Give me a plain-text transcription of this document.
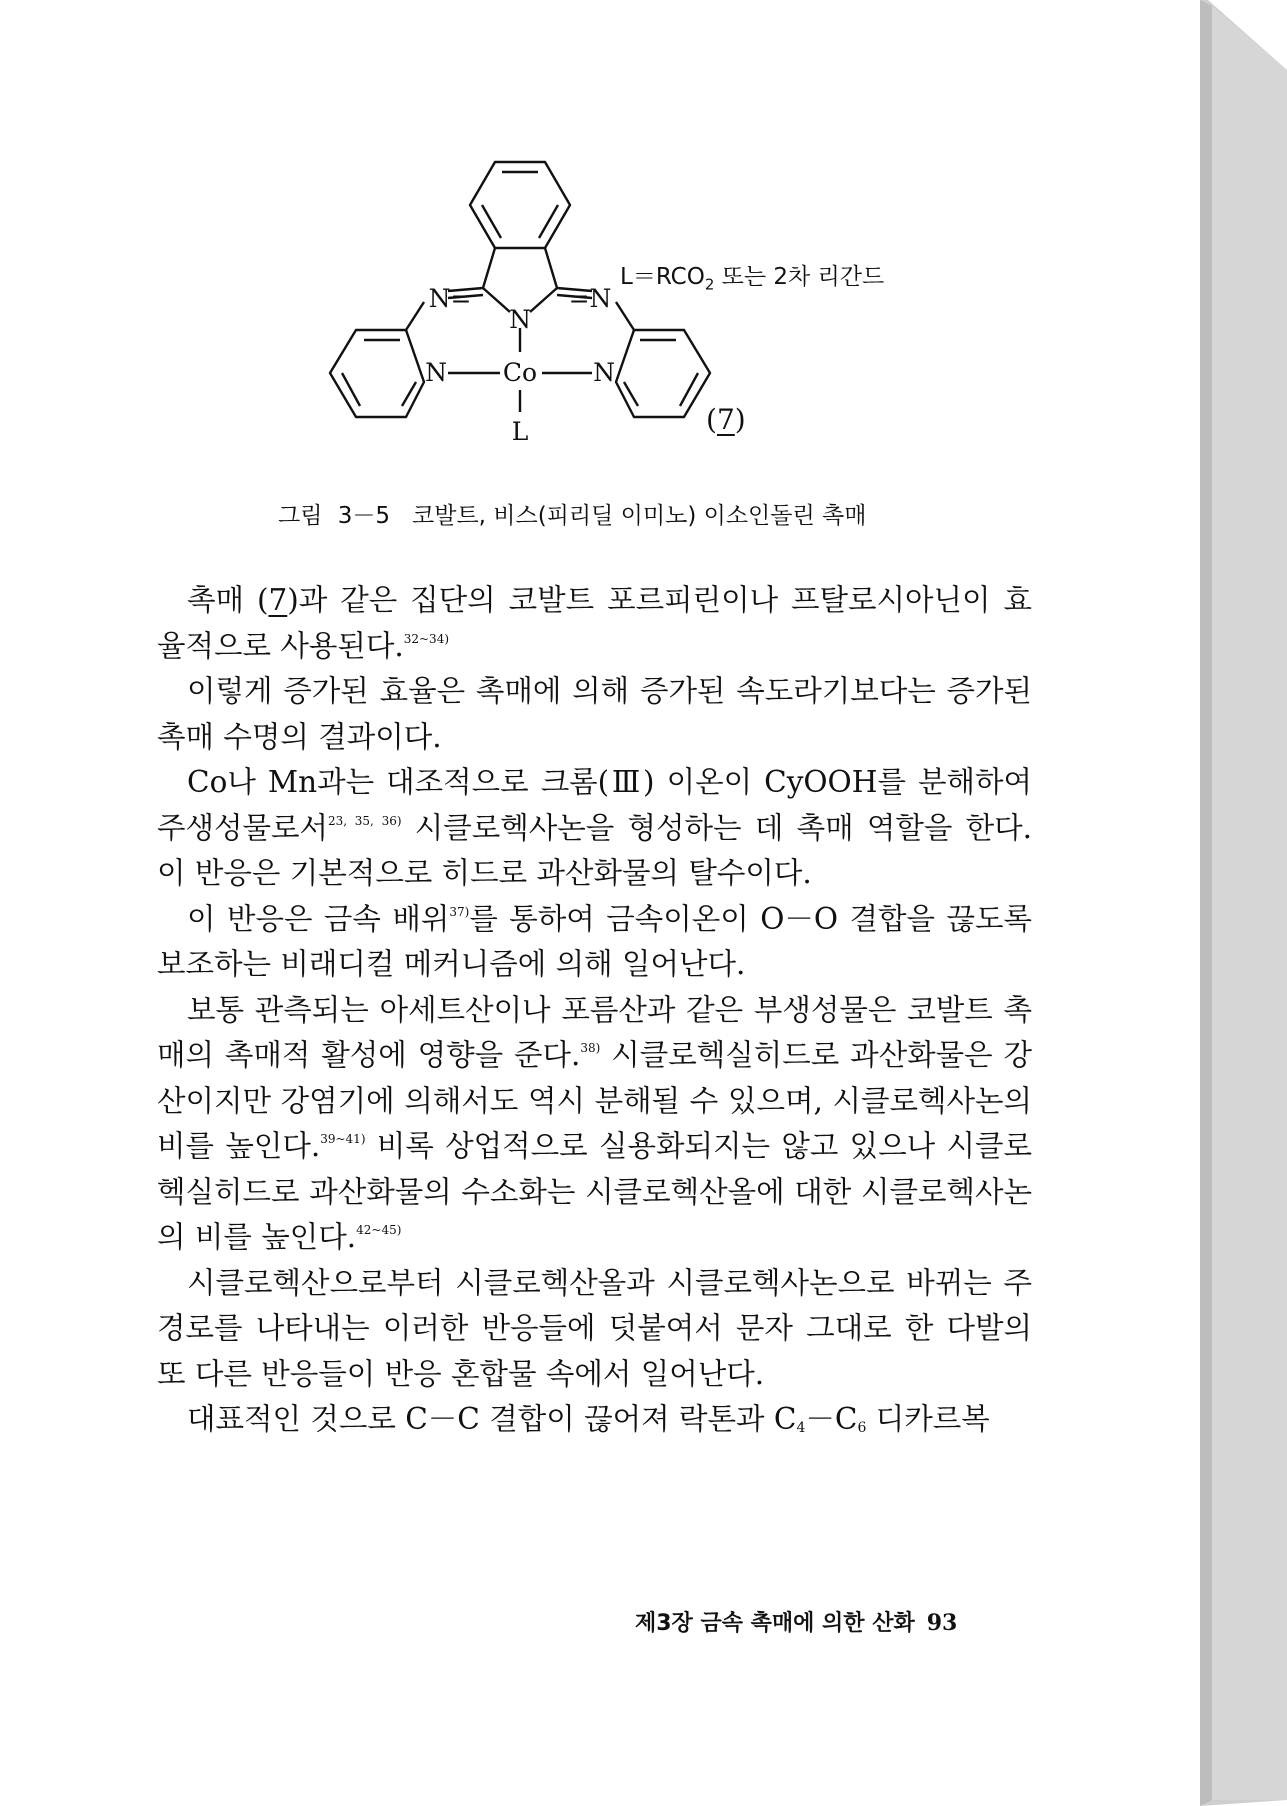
N=	=N
N
N	N
Co
L
$L=RCO_2$ 또는 2차 리간드
(7)
그림 3－5 코발트, 비스(피리딜 이미노) 이소인돌린 촉매

촉매 (7)과 같은 집단의 코발트 포르피린이나 프탈로시아닌이 효율적으로 사용된다.$^{32\sim 34)}$

이렇게 증가된 효율은 촉매에 의해 증가된 속도라기보다는 증가된 촉매 수명의 결과이다.

Co나 Mn과는 대조적으로 크롬(Ⅲ) 이온이 CyOOH를 분해하여 주생성물로서$^{23, 35, 36)}$ 시클로헥사논을 형성하는 데 촉매 역할을 한다. 이 반응은 기본적으로 히드로 과산화물의 탈수이다.

이 반응은 금속 배위$^{37)}$를 통하여 금속이온이 O－O 결합을 끊도록 보조하는 비래디컬 메커니즘에 의해 일어난다.

보통 관측되는 아세트산이나 포름산과 같은 부생성물은 코발트 촉매의 촉매적 활성에 영향을 준다.$^{38)}$ 시클로헥실히드로 과산화물은 강산이지만 강염기에 의해서도 역시 분해될 수 있으며, 시클로헥사논의 비를 높인다.$^{39\sim 41)}$ 비록 상업적으로 실용화되지는 않고 있으나 시클로헥실히드로 과산화물의 수소화는 시클로헥산올에 대한 시클로헥사논의 비를 높인다.$^{42\sim 45)}$

시클로헥산으로부터 시클로헥산올과 시클로헥사논으로 바뀌는 주 경로를 나타내는 이러한 반응들에 덧붙여서 문자 그대로 한 다발의 또 다른 반응들이 반응 혼합물 속에서 일어난다.

대표적인 것으로 C－C 결합이 끊어져 락톤과 $C_4-C_6$ 디카르복

제3장 금속 촉매에 의한 산화 93
